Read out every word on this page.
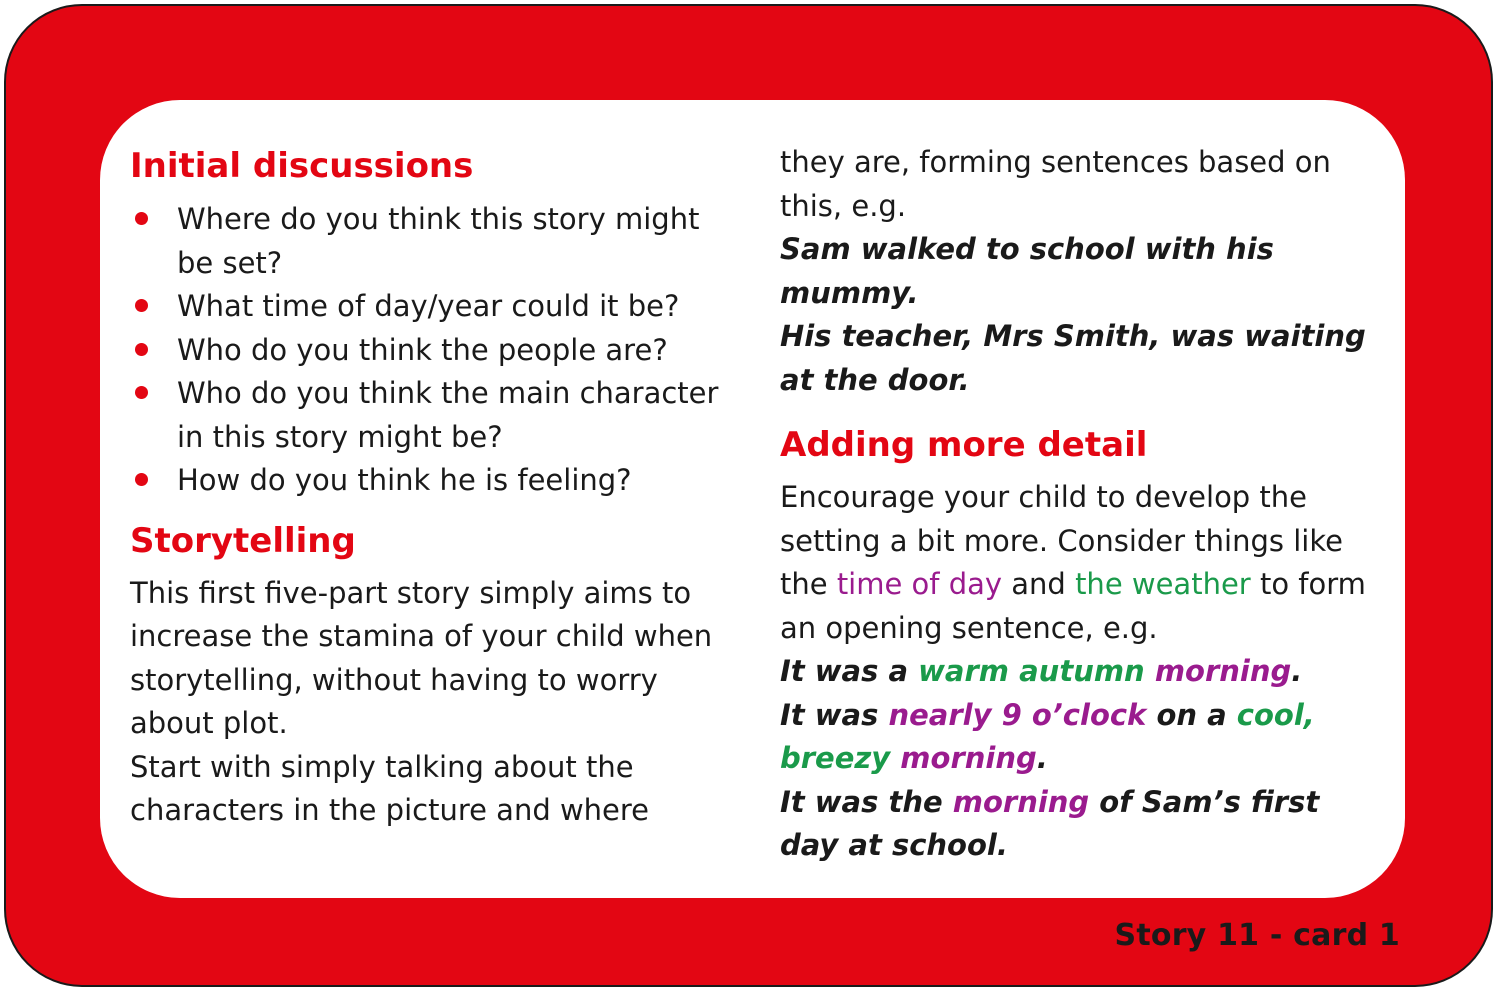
Initial discussions
Where do you think this story might be set?
What time of day/year could it be?
Who do you think the people are?
Who do you think the main character in this story might be?
How do you think he is feeling?
Storytelling

This first five-part story simply aims to increase the stamina of your child when storytelling, without having to worry about plot.

Start with simply talking about the characters in the picture and where

they are, forming sentences based on this, e.g.

Sam walked to school with his mummy.

His teacher, Mrs Smith, was waiting at the door.

Adding more detail

Encourage your child to develop the setting a bit more. Consider things like the time of day and the weather to form an opening sentence, e.g.

It was a warm autumn morning.

It was nearly 9 o’clock on a cool, breezy morning.

It was the morning of Sam’s first day at school.

Story 11 - card 1
